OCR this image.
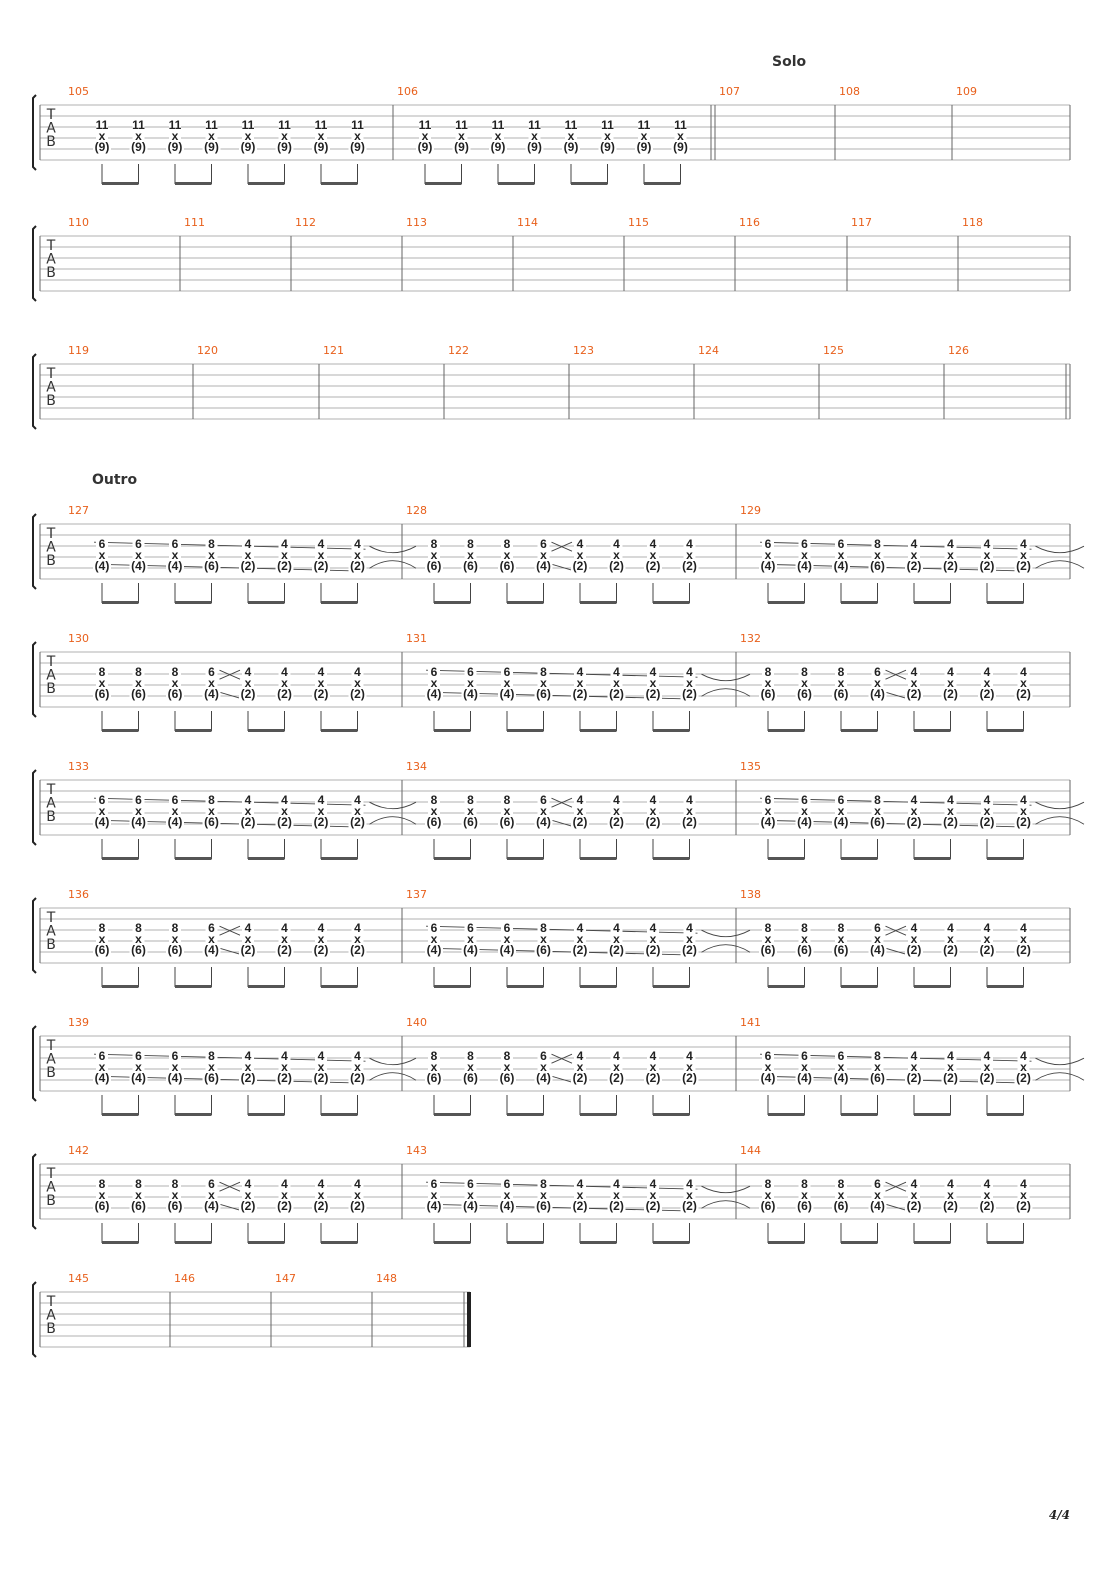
T
A
B
105
11
x
(9)
11
x
(9)
11
x
(9)
11
x
(9)
11
x
(9)
11
x
(9)
11
x
(9)
11
x
(9)
106
11
x
(9)
11
x
(9)
11
x
(9)
11
x
(9)
11
x
(9)
11
x
(9)
11
x
(9)
11
x
(9)
107	108	109
T
A
B
110	111	112	113	114	115	116	117	118
T
A
B
119	120	121	122	123	124	125	126
T
A
B
127
6
x
(4)
6
x
(4)
6
x
(4)
8
x
(6)
4
x
(2)
4
x
(2)
4
x
(2)
4
x
(2)
128
8
x
(6)
8
x
(6)
8
x
(6)
6
x
(4)
4
x
(2)
4
x
(2)
4
x
(2)
4
x
(2)
129
6
x
(4)
6
x
(4)
6
x
(4)
8
x
(6)
4
x
(2)
4
x
(2)
4
x
(2)
4
x
(2)
T
A
B
130
8
x
(6)
8
x
(6)
8
x
(6)
6
x
(4)
4
x
(2)
4
x
(2)
4
x
(2)
4
x
(2)
131
6
x
(4)
6
x
(4)
6
x
(4)
8
x
(6)
4
x
(2)
4
x
(2)
4
x
(2)
4
x
(2)
132
8
x
(6)
8
x
(6)
8
x
(6)
6
x
(4)
4
x
(2)
4
x
(2)
4
x
(2)
4
x
(2)
T
A
B
133
6
x
(4)
6
x
(4)
6
x
(4)
8
x
(6)
4
x
(2)
4
x
(2)
4
x
(2)
4
x
(2)
134
8
x
(6)
8
x
(6)
8
x
(6)
6
x
(4)
4
x
(2)
4
x
(2)
4
x
(2)
4
x
(2)
135
6
x
(4)
6
x
(4)
6
x
(4)
8
x
(6)
4
x
(2)
4
x
(2)
4
x
(2)
4
x
(2)
T
A
B
136
8
x
(6)
8
x
(6)
8
x
(6)
6
x
(4)
4
x
(2)
4
x
(2)
4
x
(2)
4
x
(2)
137
6
x
(4)
6
x
(4)
6
x
(4)
8
x
(6)
4
x
(2)
4
x
(2)
4
x
(2)
4
x
(2)
138
8
x
(6)
8
x
(6)
8
x
(6)
6
x
(4)
4
x
(2)
4
x
(2)
4
x
(2)
4
x
(2)
T
A
B
139
6
x
(4)
6
x
(4)
6
x
(4)
8
x
(6)
4
x
(2)
4
x
(2)
4
x
(2)
4
x
(2)
140
8
x
(6)
8
x
(6)
8
x
(6)
6
x
(4)
4
x
(2)
4
x
(2)
4
x
(2)
4
x
(2)
141
6
x
(4)
6
x
(4)
6
x
(4)
8
x
(6)
4
x
(2)
4
x
(2)
4
x
(2)
4
x
(2)
T
A
B
142
8
x
(6)
8
x
(6)
8
x
(6)
6
x
(4)
4
x
(2)
4
x
(2)
4
x
(2)
4
x
(2)
143
6
x
(4)
6
x
(4)
6
x
(4)
8
x
(6)
4
x
(2)
4
x
(2)
4
x
(2)
4
x
(2)
144
8
x
(6)
8
x
(6)
8
x
(6)
6
x
(4)
4
x
(2)
4
x
(2)
4
x
(2)
4
x
(2)
T
A
B
145	146	147	148
Solo
Outro
4/4
